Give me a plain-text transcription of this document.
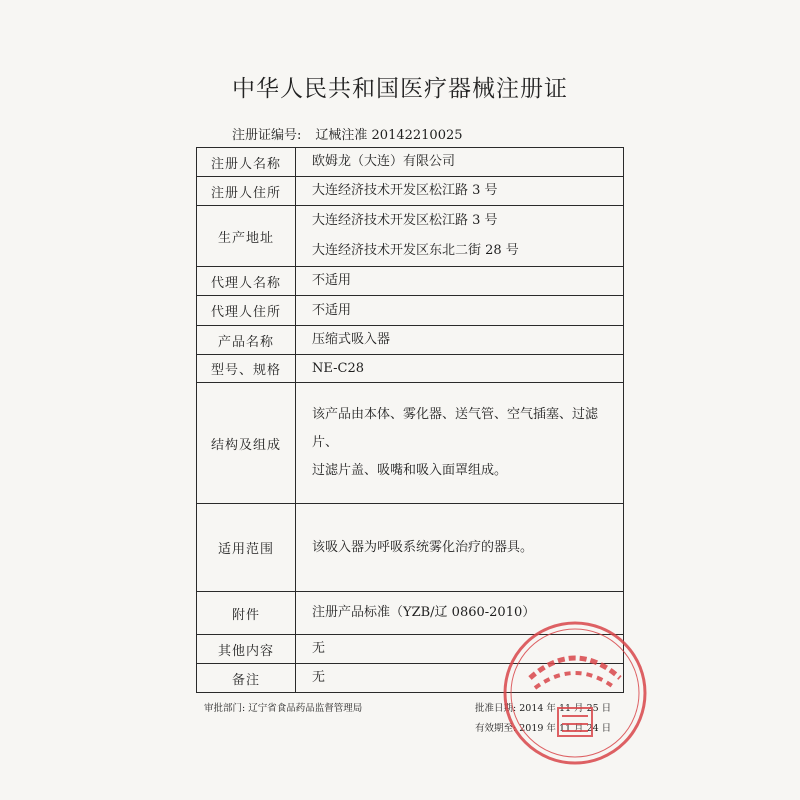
中华人民共和国医疗器械注册证
注册证编号: 辽械注准 20142210025
注册人名称	欧姆龙（大连）有限公司
注册人住所	大连经济技术开发区松江路 3 号
生产地址	大连经济技术开发区松江路 3 号
大连经济技术开发区东北二街 28 号

代理人名称	不适用
代理人住所	不适用
产品名称	压缩式吸入器
型号、规格	NE-C28
结构及组成	该产品由本体、雾化器、送气管、空气插塞、过滤片、
过滤片盖、吸嘴和吸入面罩组成。

适用范围	该吸入器为呼吸系统雾化治疗的器具。
附件	注册产品标准（YZB/辽 0860-2010）
其他内容	无
备注	无
审批部门: 辽宁省食品药品监督管理局	批准日期: 2014 年 11 月 25 日
有效期至: 2019 年 11 月 24 日
